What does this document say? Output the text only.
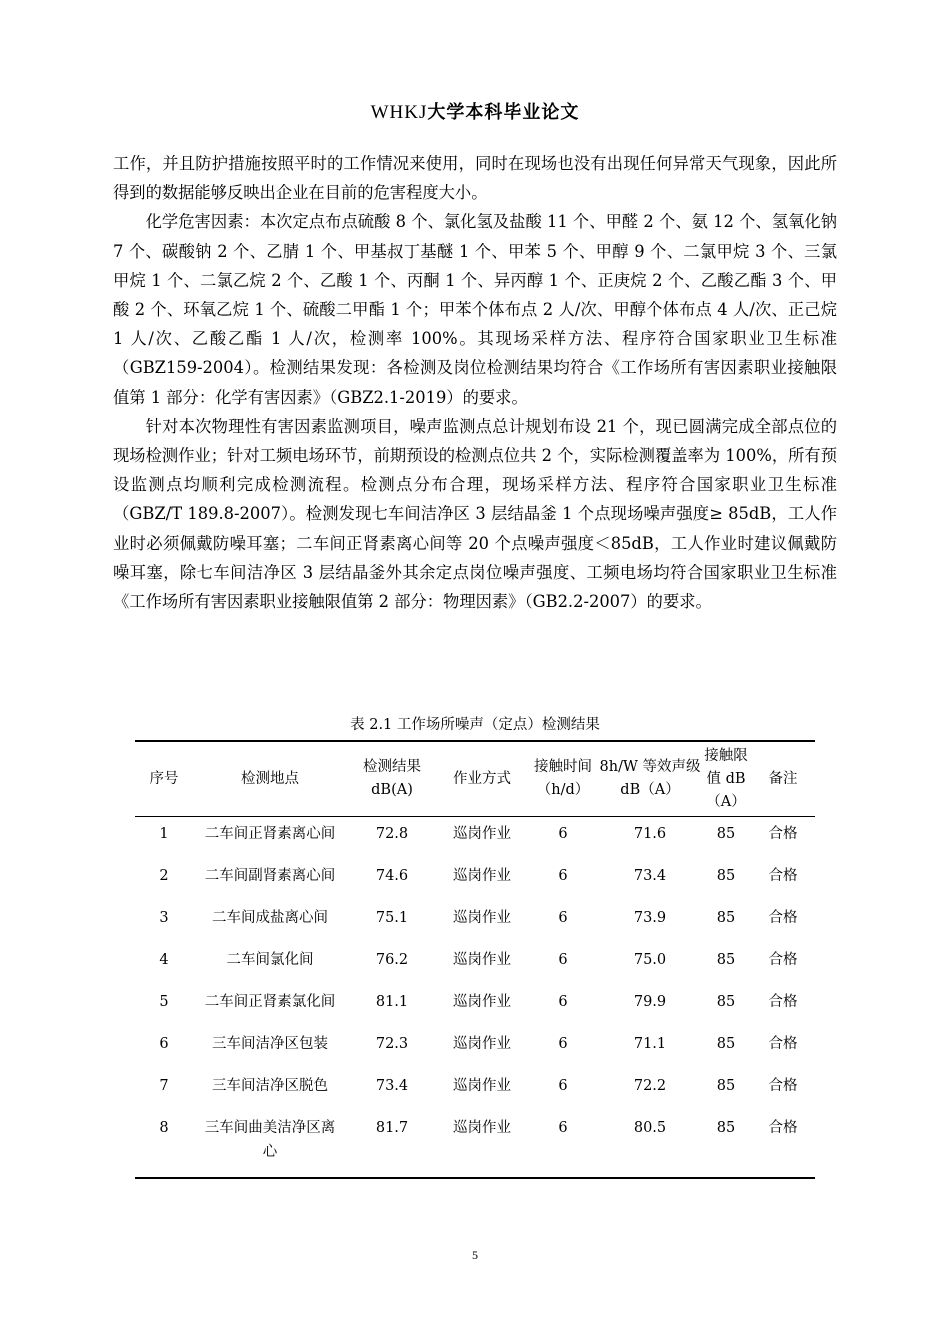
WHKJ大学本科毕业论文

工作，并且防护措施按照平时的工作情况来使用，同时在现场也没有出现任何异常天气现象，因此所得到的数据能够反映出企业在目前的危害程度大小。

化学危害因素：本次定点布点硫酸 8 个、氯化氢及盐酸 11 个、甲醛 2 个、氨 12 个、氢氧化钠 7 个、碳酸钠 2 个、乙腈 1 个、甲基叔丁基醚 1 个、甲苯 5 个、甲醇 9 个、二氯甲烷 3 个、三氯甲烷 1 个、二氯乙烷 2 个、乙酸 1 个、丙酮 1 个、异丙醇 1 个、正庚烷 2 个、乙酸乙酯 3 个、甲酸 2 个、环氧乙烷 1 个、硫酸二甲酯 1 个；甲苯个体布点 2 人/次、甲醇个体布点 4 人/次、正己烷 1 人/次、乙酸乙酯 1 人/次，检测率 100%。其现场采样方法、程序符合国家职业卫生标准（GBZ159-2004）。检测结果发现：各检测及岗位检测结果均符合《工作场所有害因素职业接触限值第 1 部分：化学有害因素》（GBZ2.1-2019）的要求。

针对本次物理性有害因素监测项目，噪声监测点总计规划布设 21 个，现已圆满完成全部点位的现场检测作业；针对工频电场环节，前期预设的检测点位共 2 个，实际检测覆盖率为 100%，所有预设监测点均顺利完成检测流程。检测点分布合理，现场采样方法、程序符合国家职业卫生标准（GBZ/T 189.8-2007）。检测发现七车间洁净区 3 层结晶釜 1 个点现场噪声强度≥ 85dB，工人作业时必须佩戴防噪耳塞；二车间正肾素离心间等 20 个点噪声强度＜85dB，工人作业时建议佩戴防噪耳塞，除七车间洁净区 3 层结晶釜外其余定点岗位噪声强度、工频电场均符合国家职业卫生标准《工作场所有害因素职业接触限值第 2 部分：物理因素》（GB2.2-2007）的要求。

表 2.1 工作场所噪声（定点）检测结果
序号	检测地点	检测结果 dB(A)	作业方式	接触时间 （h/d）	8h/W 等效声级 dB（A）	接触限值 dB （A）	备注
1	二车间正肾素离心间	72.8	巡岗作业	6	71.6	85	合格
2	二车间副肾素离心间	74.6	巡岗作业	6	73.4	85	合格
3	二车间成盐离心间	75.1	巡岗作业	6	73.9	85	合格
4	二车间氯化间	76.2	巡岗作业	6	75.0	85	合格
5	二车间正肾素氯化间	81.1	巡岗作业	6	79.9	85	合格
6	三车间洁净区包装	72.3	巡岗作业	6	71.1	85	合格
7	三车间洁净区脱色	73.4	巡岗作业	6	72.2	85	合格
8	三车间曲美洁净区离心	81.7	巡岗作业	6	80.5	85	合格
5
